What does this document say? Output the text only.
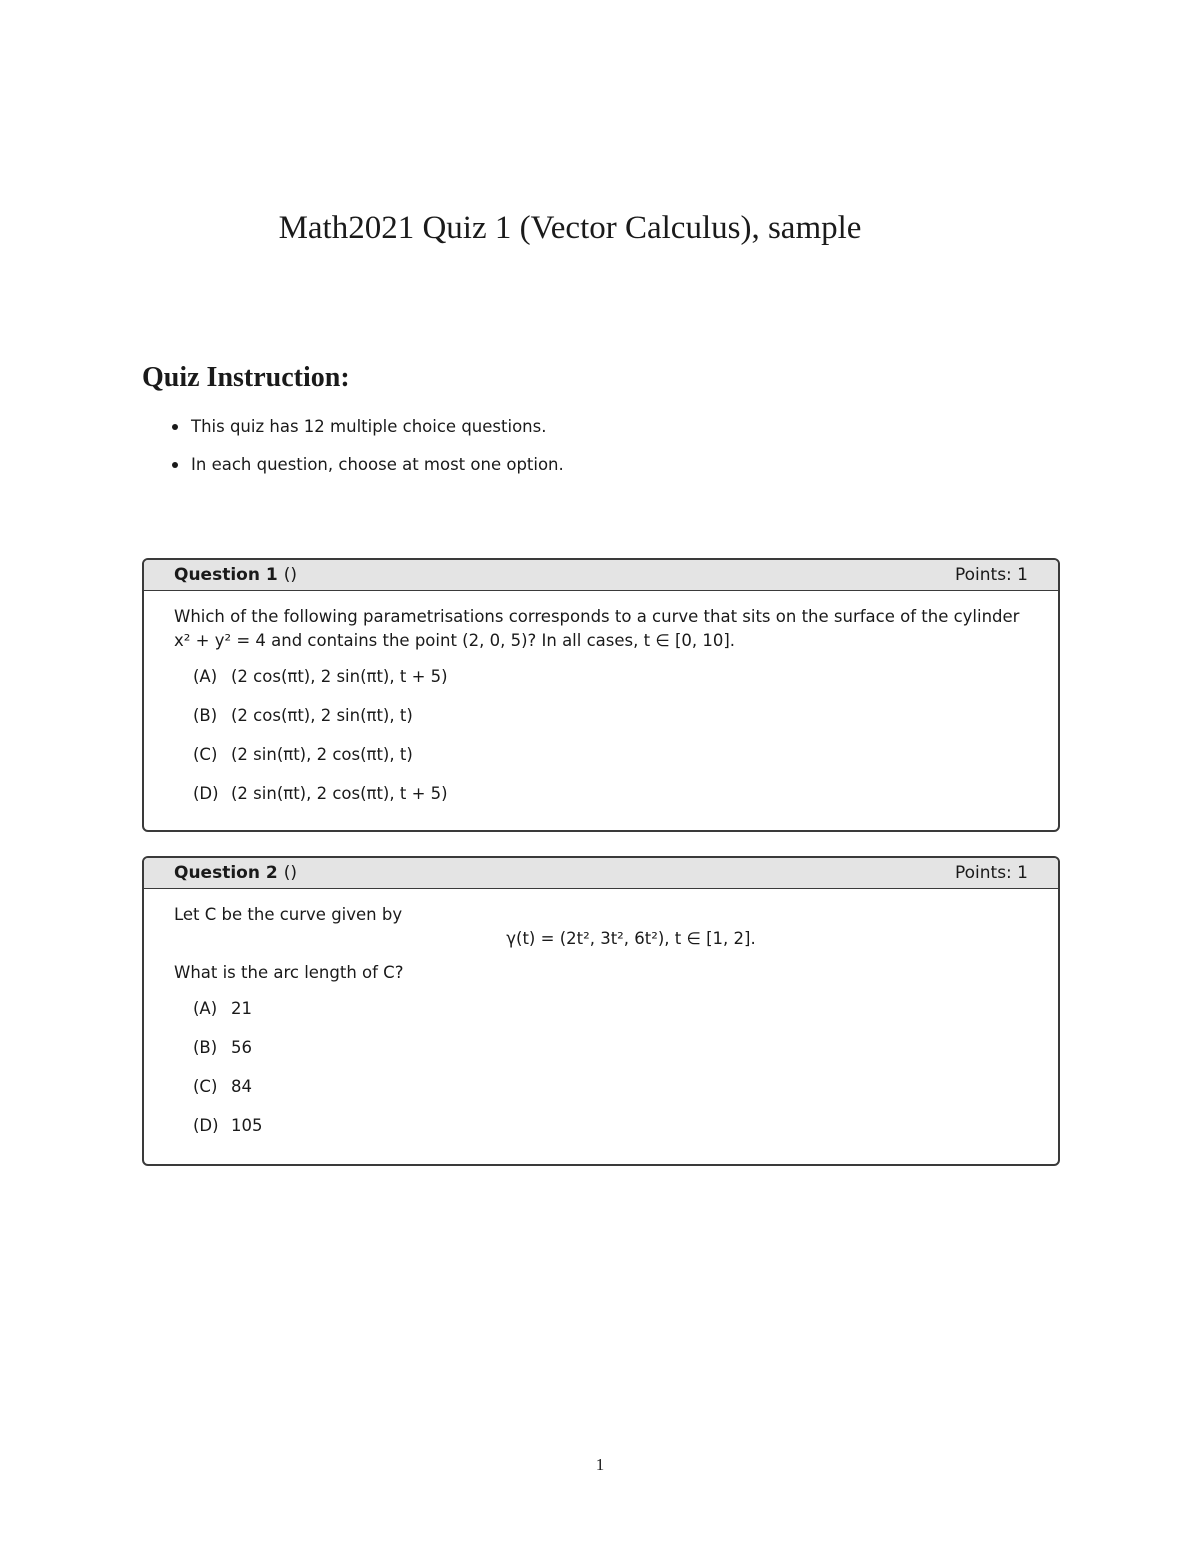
Math2021 Quiz 1 (Vector Calculus), sample
Quiz Instruction:
This quiz has 12 multiple choice questions.
In each question, choose at most one option.
Question 1 ()	Points: 1

Which of the following parametrisations corresponds to a curve that sits on the surface of the cylinder x² + y² = 4 and contains the point (2, 0, 5)? In all cases, t ∈ [0, 10].

(A) (2 cos(πt), 2 sin(πt), t + 5)
(B) (2 cos(πt), 2 sin(πt), t)
(C) (2 sin(πt), 2 cos(πt), t)
(D) (2 sin(πt), 2 cos(πt), t + 5)
Question 2 ()	Points: 1

Let C be the curve given by

γ(t) = (2t², 3t², 6t²), t ∈ [1, 2].

What is the arc length of C?

(A) 21
(B) 56
(C) 84
(D) 105
1
